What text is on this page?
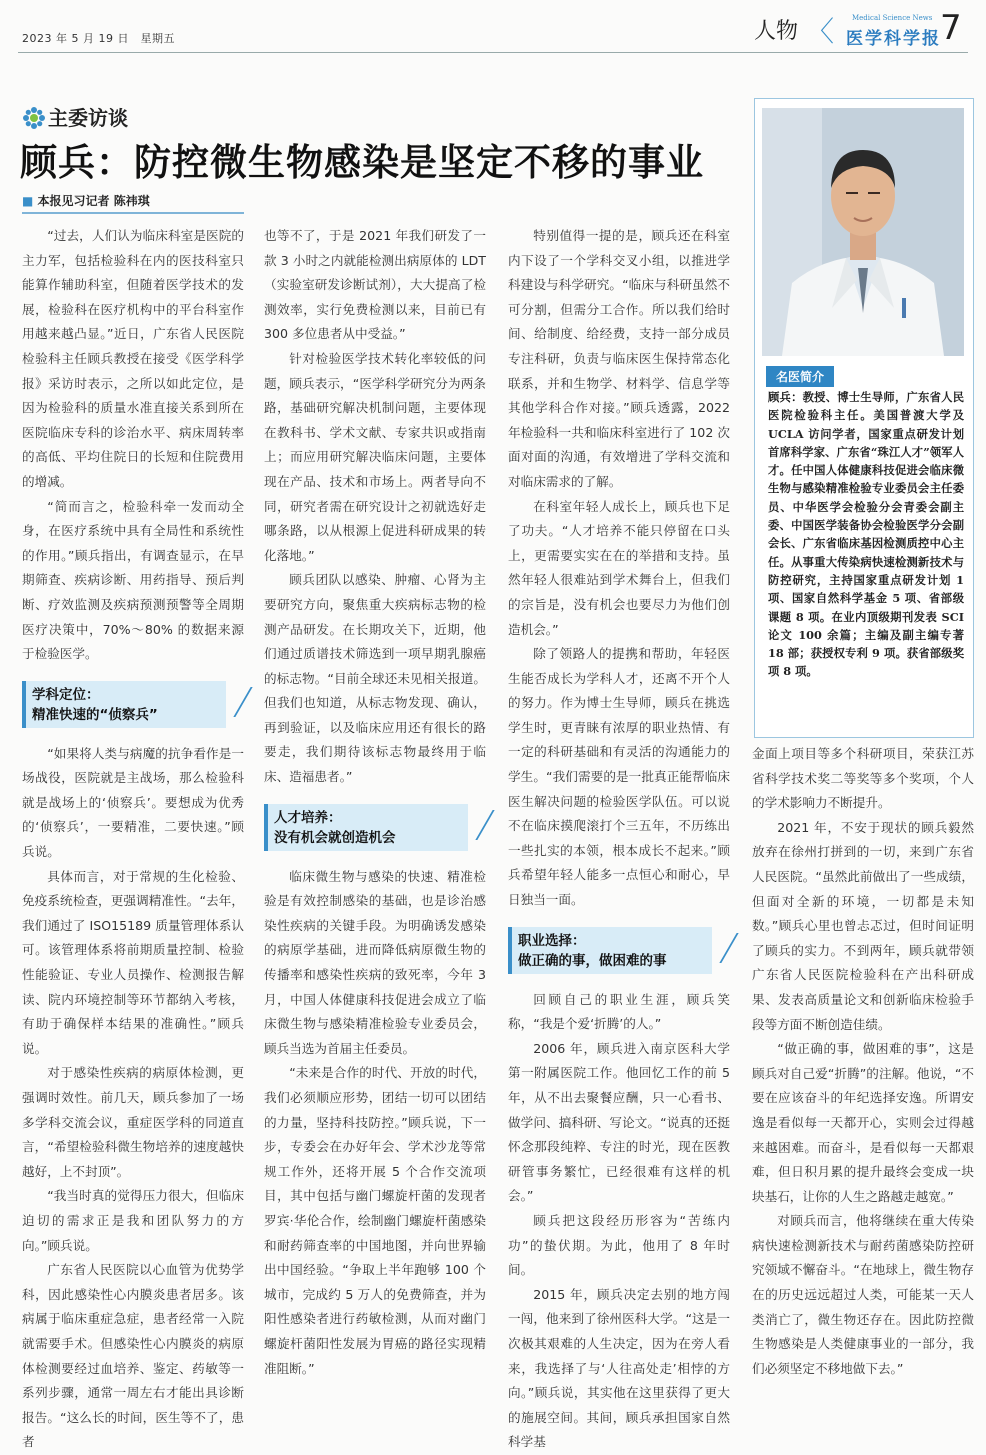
2023 年 5 月 19 日　星期五	人物 〈	Medical Science News
医学科学报 7
主委访谈
顾兵：防控微生物感染是坚定不移的事业
■ 本报见习记者 陈祎琪

“过去，人们认为临床科室是医院的主力军，包括检验科在内的医技科室只能算作辅助科室，但随着医学技术的发展，检验科在医疗机构中的平台科室作用越来越凸显。”近日，广东省人民医院检验科主任顾兵教授在接受《医学科学报》采访时表示，之所以如此定位，是因为检验科的质量水准直接关系到所在医院临床专科的诊治水平、病床周转率的高低、平均住院日的长短和住院费用的增减。

“简而言之，检验科牵一发而动全身，在医疗系统中具有全局性和系统性的作用。”顾兵指出，有调查显示，在早期筛查、疾病诊断、用药指导、预后判断、疗效监测及疾病预测预警等全周期医疗决策中，70%～80% 的数据来源于检验医学。

学科定位：
精准快速的“侦察兵”

“如果将人类与病魔的抗争看作是一场战役，医院就是主战场，那么检验科就是战场上的‘侦察兵’。要想成为优秀的‘侦察兵’，一要精准，二要快速。”顾兵说。

具体而言，对于常规的生化检验、免疫系统检查，更强调精准性。“去年，我们通过了 ISO15189 质量管理体系认可。该管理体系将前期质量控制、检验性能验证、专业人员操作、检测报告解读、院内环境控制等环节都纳入考核，有助于确保样本结果的准确性。”顾兵说。

对于感染性疾病的病原体检测，更强调时效性。前几天，顾兵参加了一场多学科交流会议，重症医学科的同道直言，“希望检验科微生物培养的速度越快越好，上不封顶”。

“我当时真的觉得压力很大，但临床迫切的需求正是我和团队努力的方向。”顾兵说。

广东省人民医院以心血管为优势学科，因此感染性心内膜炎患者居多。该病属于临床重症急症，患者经常一入院就需要手术。但感染性心内膜炎的病原体检测要经过血培养、鉴定、药敏等一系列步骤，通常一周左右才能出具诊断报告。“这么长的时间，医生等不了，患者

也等不了，于是 2021 年我们研发了一款 3 小时之内就能检测出病原体的 LDT（实验室研发诊断试剂），大大提高了检测效率，实行免费检测以来，目前已有 300 多位患者从中受益。”

针对检验医学技术转化率较低的问题，顾兵表示，“医学科学研究分为两条路，基础研究解决机制问题，主要体现在教科书、学术文献、专家共识或指南上；而应用研究解决临床问题，主要体现在产品、技术和市场上。两者导向不同，研究者需在研究设计之初就选好走哪条路，以从根源上促进科研成果的转化落地。”

顾兵团队以感染、肿瘤、心肾为主要研究方向，聚焦重大疾病标志物的检测产品研发。在长期攻关下，近期，他们通过质谱技术筛选到一项早期乳腺癌的标志物。“目前全球还未见相关报道。但我们也知道，从标志物发现、确认，再到验证，以及临床应用还有很长的路要走，我们期待该标志物最终用于临床、造福患者。”

人才培养：
没有机会就创造机会

临床微生物与感染的快速、精准检验是有效控制感染的基础，也是诊治感染性疾病的关键手段。为明确诱发感染的病原学基础，进而降低病原微生物的传播率和感染性疾病的致死率，今年 3 月，中国人体健康科技促进会成立了临床微生物与感染精准检验专业委员会，顾兵当选为首届主任委员。

“未来是合作的时代、开放的时代，我们必须顺应形势，团结一切可以团结的力量，坚持科技防控。”顾兵说，下一步，专委会在办好年会、学术沙龙等常规工作外，还将开展 5 个合作交流项目，其中包括与幽门螺旋杆菌的发现者罗宾·华伦合作，绘制幽门螺旋杆菌感染和耐药筛查率的中国地图，并向世界输出中国经验。“争取上半年跑够 100 个城市，完成约 5 万人的免费筛查，并为阳性感染者进行药敏检测，从而对幽门螺旋杆菌阳性发展为胃癌的路径实现精准阻断。”

特别值得一提的是，顾兵还在科室内下设了一个学科交叉小组，以推进学科建设与科学研究。“临床与科研虽然不可分割，但需分工合作。所以我们给时间、给制度、给经费，支持一部分成员专注科研，负责与临床医生保持常态化联系，并和生物学、材料学、信息学等其他学科合作对接。”顾兵透露，2022 年检验科一共和临床科室进行了 102 次面对面的沟通，有效增进了学科交流和对临床需求的了解。

在科室年轻人成长上，顾兵也下足了功夫。“人才培养不能只停留在口头上，更需要实实在在的举措和支持。虽然年轻人很难站到学术舞台上，但我们的宗旨是，没有机会也要尽力为他们创造机会。”

除了领路人的提携和帮助，年轻医生能否成长为学科人才，还离不开个人的努力。作为博士生导师，顾兵在挑选学生时，更青睐有浓厚的职业热情、有一定的科研基础和有灵活的沟通能力的学生。“我们需要的是一批真正能帮临床医生解决问题的检验医学队伍。可以说不在临床摸爬滚打个三五年，不历练出一些扎实的本领，根本成长不起来。”顾兵希望年轻人能多一点恒心和耐心，早日独当一面。

职业选择：
做正确的事，做困难的事

回顾自己的职业生涯，顾兵笑称，“我是个爱‘折腾’的人。”

2006 年，顾兵进入南京医科大学第一附属医院工作。他回忆工作的前 5 年，从不出去聚餐应酬，只一心看书、做学问、搞科研、写论文。“说真的还挺怀念那段纯粹、专注的时光，现在医教研管事务繁忙，已经很难有这样的机会。”

顾兵把这段经历形容为“苦练内功”的蛰伏期。为此，他用了 8 年时间。

2015 年，顾兵决定去别的地方闯一闯，他来到了徐州医科大学。“这是一次极其艰难的人生决定，因为在旁人看来，我选择了与‘人往高处走’相悖的方向。”顾兵说，其实他在这里获得了更大的施展空间。其间，顾兵承担国家自然科学基

名医简介
顾兵：教授、博士生导师，广东省人民医院检验科主任。美国普渡大学及 UCLA 访问学者，国家重点研发计划首席科学家、广东省“珠江人才”领军人才。任中国人体健康科技促进会临床微生物与感染精准检验专业委员会主任委员、中华医学会检验分会青委会副主委、中国医学装备协会检验医学分会副会长、广东省临床基因检测质控中心主任。从事重大传染病快速检测新技术与防控研究，主持国家重点研发计划 1 项、国家自然科学基金 5 项、省部级课题 8 项。在业内顶级期刊发表 SCI 论文 100 余篇；主编及副主编专著 18 部；获授权专利 9 项。获省部级奖项 8 项。

金面上项目等多个科研项目，荣获江苏省科学技术奖二等奖等多个奖项，个人的学术影响力不断提升。

2021 年，不安于现状的顾兵毅然放弃在徐州打拼到的一切，来到广东省人民医院。“虽然此前做出了一些成绩，但面对全新的环境，一切都是未知数。”顾兵心里也曾忐忑过，但时间证明了顾兵的实力。不到两年，顾兵就带领广东省人民医院检验科在产出科研成果、发表高质量论文和创新临床检验手段等方面不断创造佳绩。

“做正确的事，做困难的事”，这是顾兵对自己爱“折腾”的注解。他说，“不要在应该奋斗的年纪选择安逸。所谓安逸是看似每一天都开心，实则会过得越来越困难。而奋斗，是看似每一天都艰难，但日积月累的提升最终会变成一块块基石，让你的人生之路越走越宽。”

对顾兵而言，他将继续在重大传染病快速检测新技术与耐药菌感染防控研究领域不懈奋斗。“在地球上，微生物存在的历史远远超过人类，可能某一天人类消亡了，微生物还存在。因此防控微生物感染是人类健康事业的一部分，我们必须坚定不移地做下去。”
